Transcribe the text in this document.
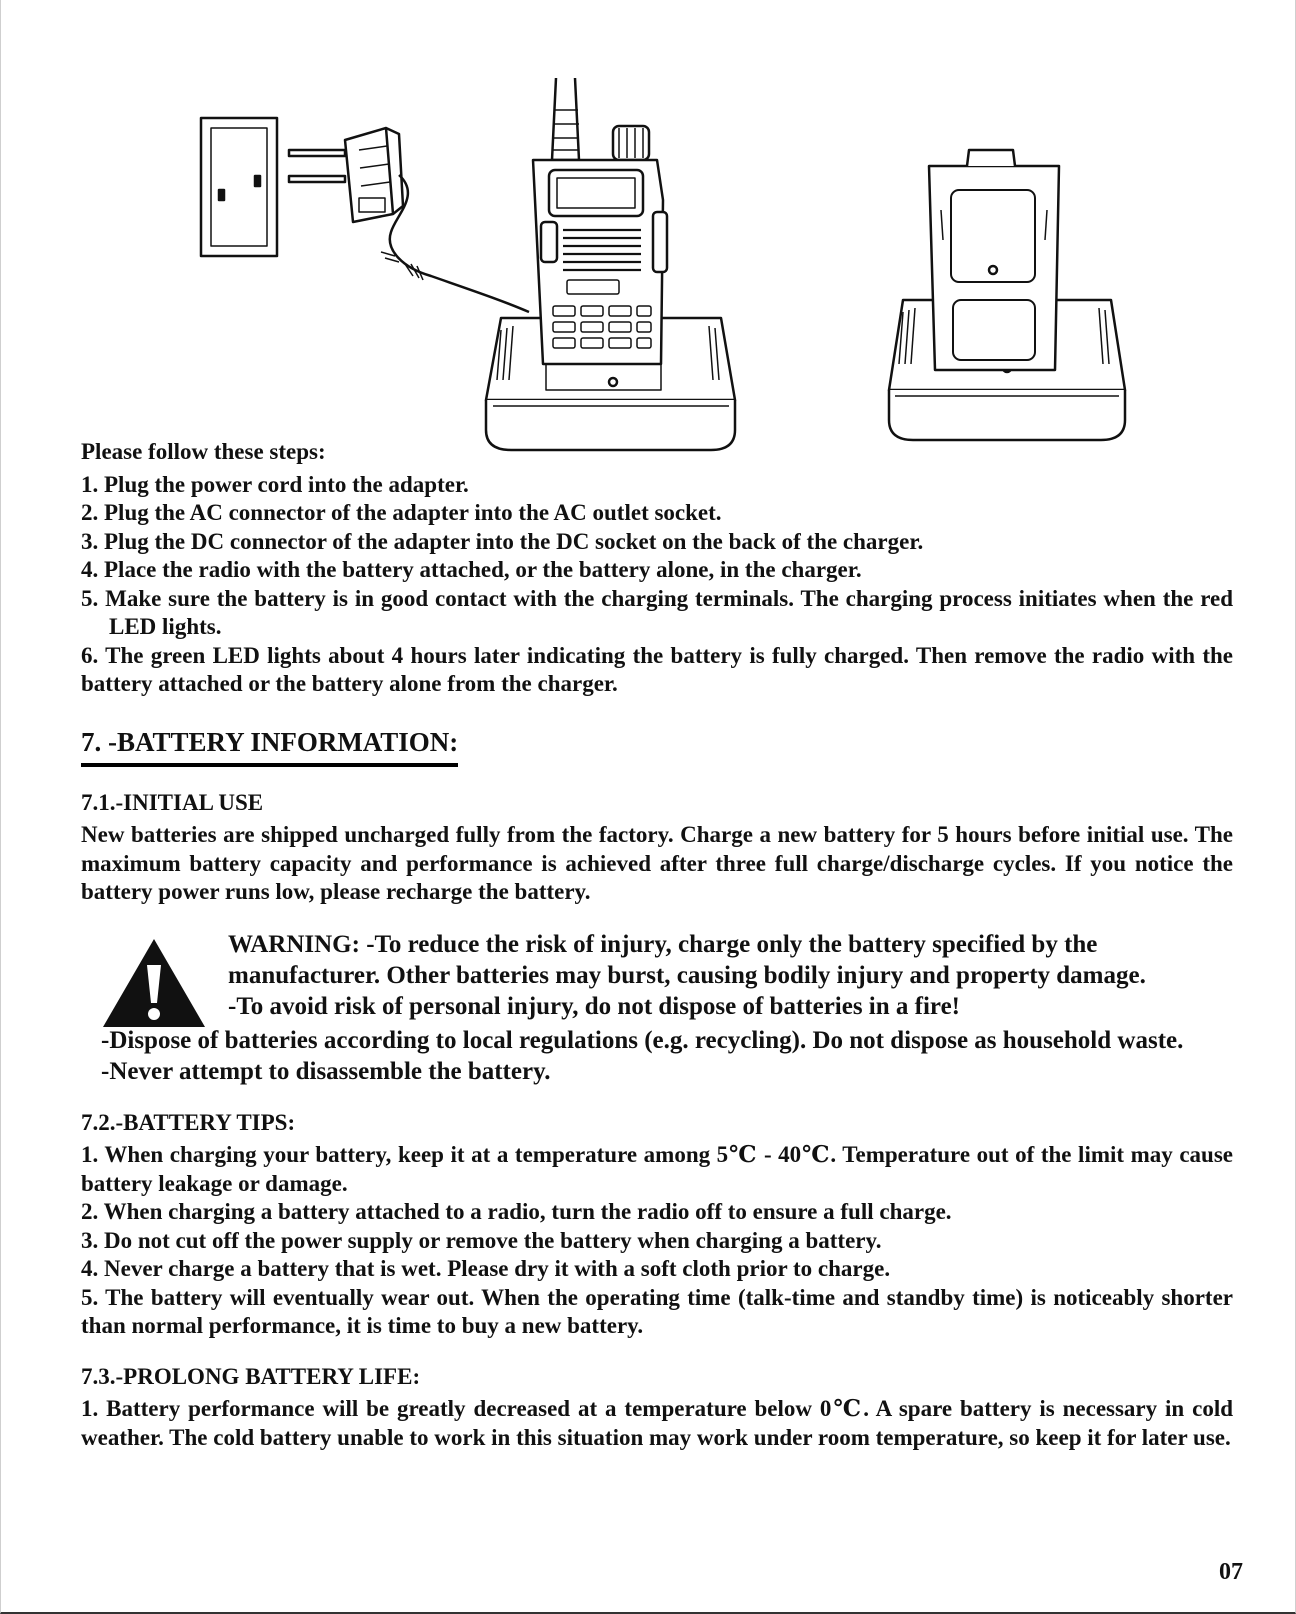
Please follow these steps:

1. Plug the power cord into the adapter.
2. Plug the AC connector of the adapter into the AC outlet socket.
3. Plug the DC connector of the adapter into the DC socket on the back of the charger.
4. Place the radio with the battery attached, or the battery alone, in the charger.
5. Make sure the battery is in good contact with the charging terminals. The charging process initiates when the red LED lights.
6. The green LED lights about 4 hours later indicating the battery is fully charged. Then remove the radio with the battery attached or the battery alone from the charger.

7. -BATTERY INFORMATION:

7.1.-INITIAL USE

New batteries are shipped uncharged fully from the factory. Charge a new battery for 5 hours before initial use. The maximum battery capacity and performance is achieved after three full charge/discharge cycles. If you notice the battery power runs low, please recharge the battery.

WARNING: -To reduce the risk of injury, charge only the battery specified by the manufacturer. Other batteries may burst, causing bodily injury and property damage.

-To avoid risk of personal injury, do not dispose of batteries in a fire!

-Dispose of batteries according to local regulations (e.g. recycling). Do not dispose as household waste.

-Never attempt to disassemble the battery.

7.2.-BATTERY TIPS:

1. When charging your battery, keep it at a temperature among 5℃ - 40℃. Temperature out of the limit may cause battery leakage or damage.
2. When charging a battery attached to a radio, turn the radio off to ensure a full charge.
3. Do not cut off the power supply or remove the battery when charging a battery.
4. Never charge a battery that is wet. Please dry it with a soft cloth prior to charge.
5. The battery will eventually wear out. When the operating time (talk-time and standby time) is noticeably shorter than normal performance, it is time to buy a new battery.

7.3.-PROLONG BATTERY LIFE:

1. Battery performance will be greatly decreased at a temperature below 0℃. A spare battery is necessary in cold weather. The cold battery unable to work in this situation may work under room temperature, so keep it for later use.

07
